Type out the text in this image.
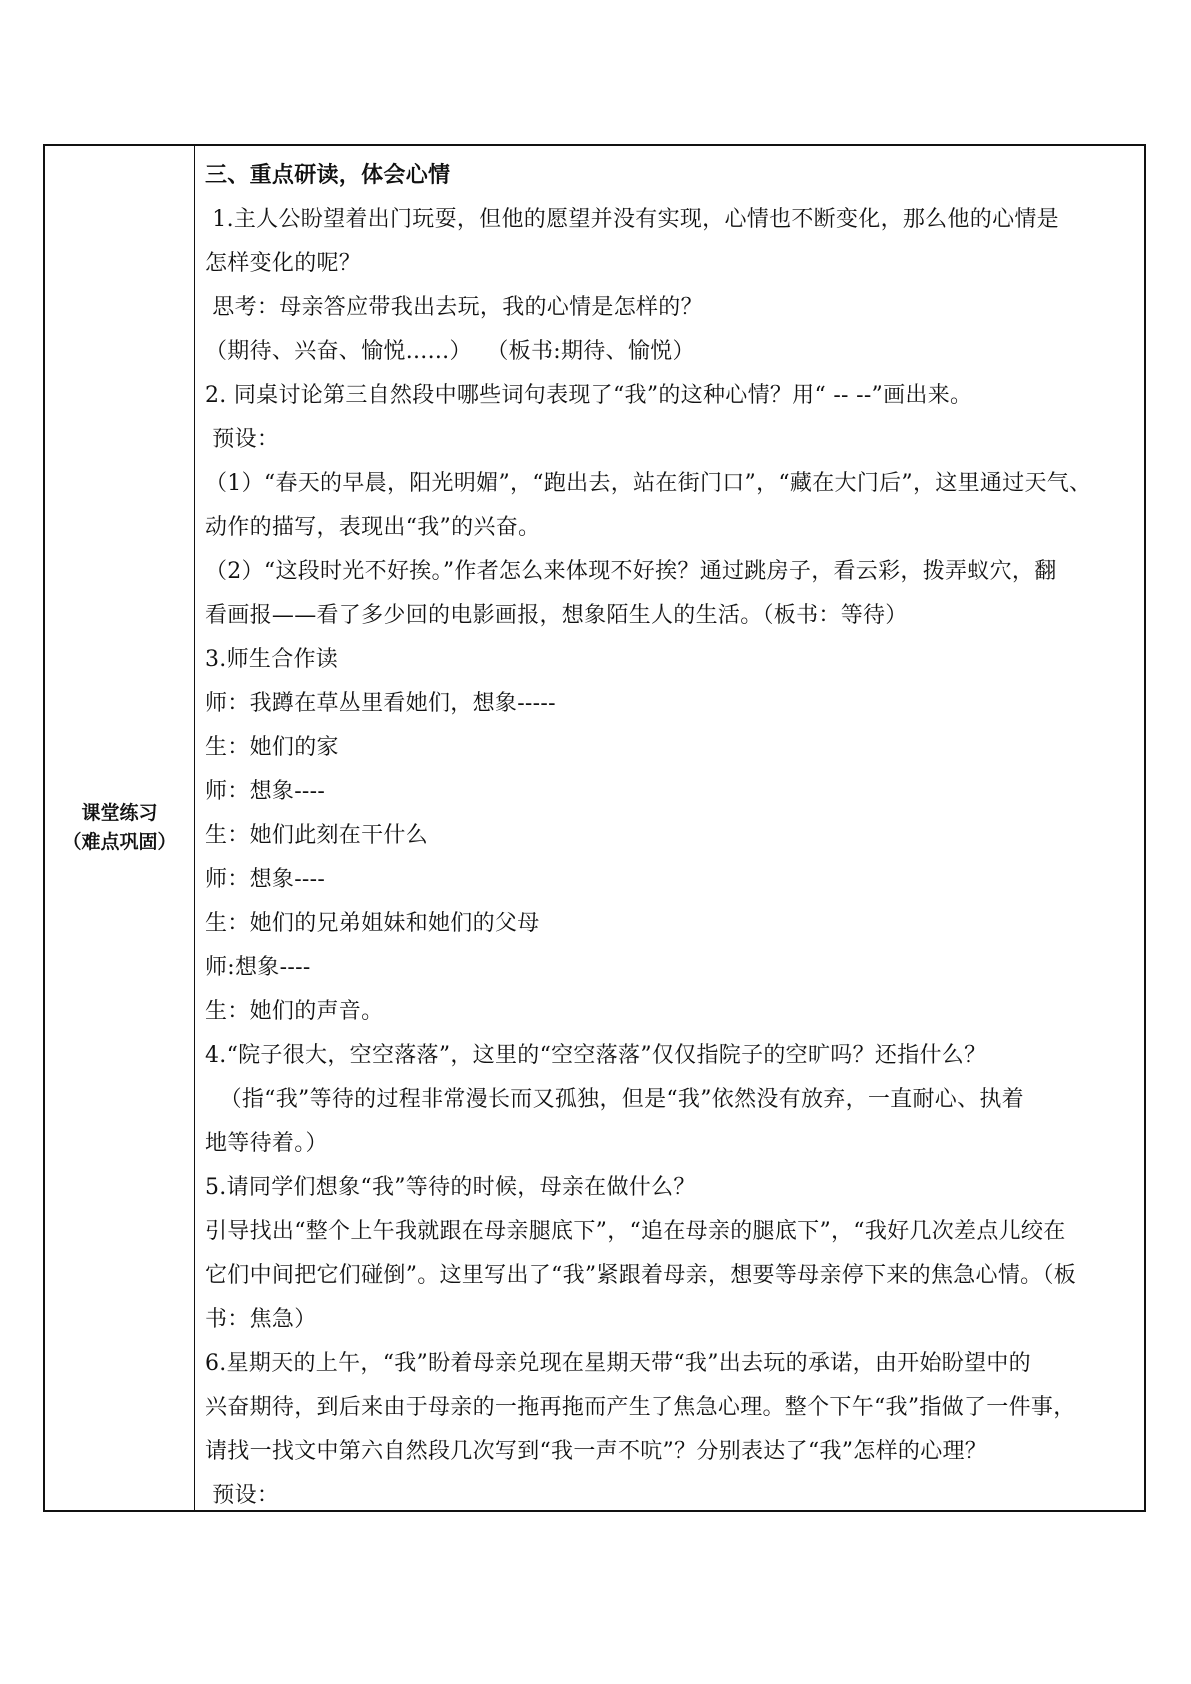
课堂练习
（难点巩固）
三、重点研读，体会心情
1.主人公盼望着出门玩耍，但他的愿望并没有实现，心情也不断变化，那么他的心情是
怎样变化的呢？
思考：母亲答应带我出去玩，我的心情是怎样的？
（期待、兴奋、愉悦......）  （板书:期待、愉悦）
2. 同桌讨论第三自然段中哪些词句表现了“我”的这种心情？用“ -- --”画出来。
预设：
（1）“春天的早晨，阳光明媚”，“跑出去，站在街门口”，“藏在大门后”，这里通过天气、
动作的描写，表现出“我”的兴奋。
（2）“这段时光不好挨。”作者怎么来体现不好挨？通过跳房子，看云彩，拨弄蚁穴，翻
看画报——看了多少回的电影画报，想象陌生人的生活。（板书：等待）
3.师生合作读
师：我蹲在草丛里看她们，想象-----
生：她们的家
师：想象----
生：她们此刻在干什么
师：想象----
生：她们的兄弟姐妹和她们的父母
师:想象----
生：她们的声音。
4.“院子很大，空空落落”，这里的“空空落落”仅仅指院子的空旷吗？还指什么？
（指“我”等待的过程非常漫长而又孤独，但是“我”依然没有放弃，一直耐心、执着
地等待着。）
5.请同学们想象“我”等待的时候，母亲在做什么？
引导找出“整个上午我就跟在母亲腿底下”，“追在母亲的腿底下”，“我好几次差点儿绞在
它们中间把它们碰倒”。这里写出了“我”紧跟着母亲，想要等母亲停下来的焦急心情。（板
书：焦急）
6.星期天的上午，“我”盼着母亲兑现在星期天带“我”出去玩的承诺，由开始盼望中的
兴奋期待，到后来由于母亲的一拖再拖而产生了焦急心理。整个下午“我”指做了一件事，
请找一找文中第六自然段几次写到“我一声不吭”？分别表达了“我”怎样的心理？
预设：
